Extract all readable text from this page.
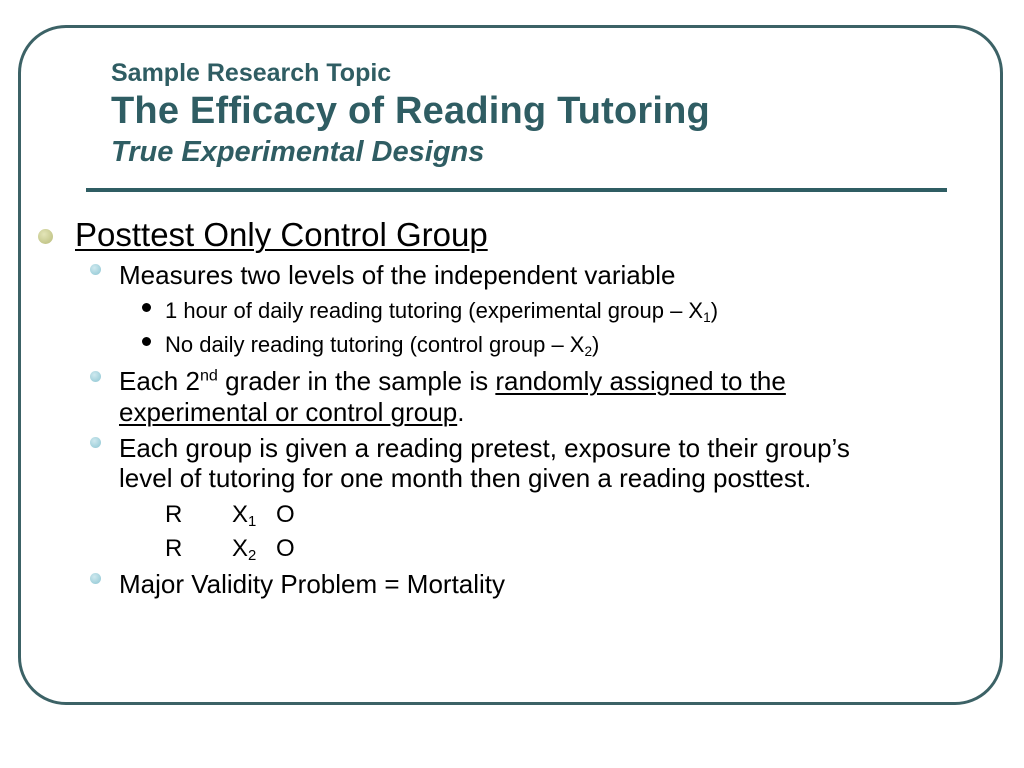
Sample Research Topic
The Efficacy of Reading Tutoring
True Experimental Designs
Posttest Only Control Group
Measures two levels of the independent variable
1 hour of daily reading tutoring (experimental group – $X_1$)
No daily reading tutoring (control group – $X_2$)
Each 2nd grader in the sample is randomly assigned to the
experimental or control group.
Each group is given a reading pretest, exposure to their group’s
level of tutoring for one month then given a reading posttest.
R $X_1$ O
R $X_2$ O
Major Validity Problem = Mortality
